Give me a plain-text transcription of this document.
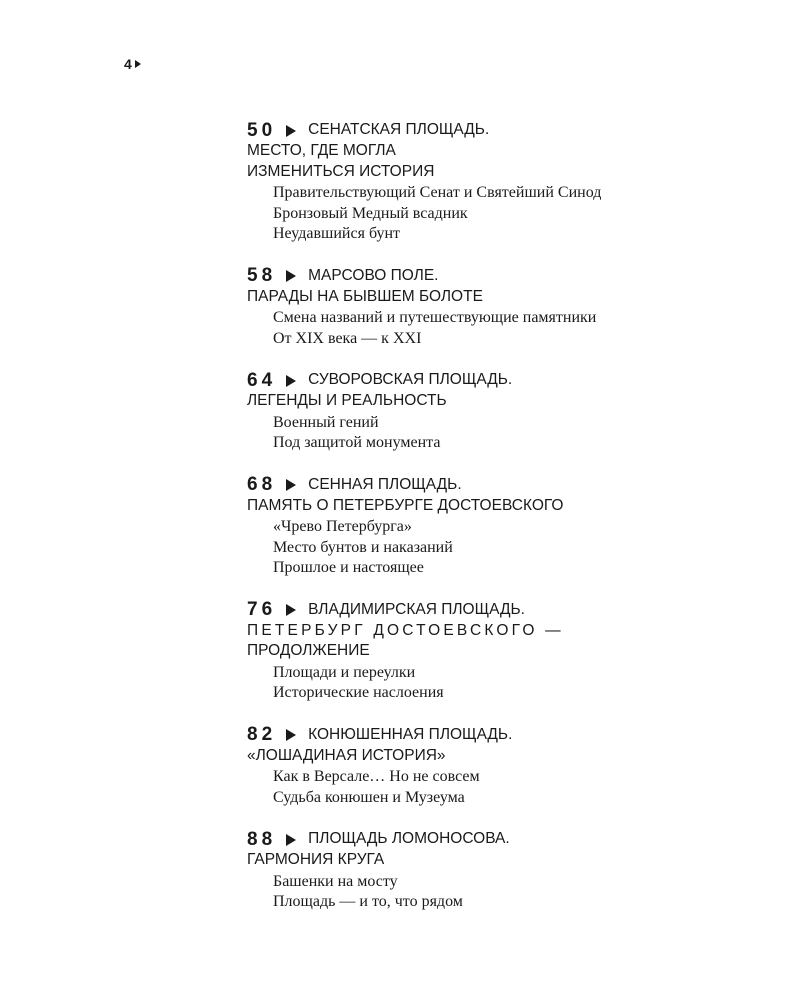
4
50 СЕНАТСКАЯ ПЛОЩАДЬ.
МЕСТО, ГДЕ МОГЛА
ИЗМЕНИТЬСЯ ИСТОРИЯ
Правительствующий Сенат и Святейший Синод
Бронзовый Медный всадник
Неудавшийся бунт
58 МАРСОВО ПОЛЕ.
ПАРАДЫ НА БЫВШЕМ БОЛОТЕ
Смена названий и путешествующие памятники
От XIX века — к XXI
64 СУВОРОВСКАЯ ПЛОЩАДЬ.
ЛЕГЕНДЫ И РЕАЛЬНОСТЬ
Военный гений
Под защитой монумента
68 СЕННАЯ ПЛОЩАДЬ.
ПАМЯТЬ О ПЕТЕРБУРГЕ ДОСТОЕВСКОГО
«Чрево Петербурга»
Место бунтов и наказаний
Прошлое и настоящее
76 ВЛАДИМИРСКАЯ ПЛОЩАДЬ.
ПЕТЕРБУРГ ДОСТОЕВСКОГО —
ПРОДОЛЖЕНИЕ
Площади и переулки
Исторические наслоения
82 КОНЮШЕННАЯ ПЛОЩАДЬ.
«ЛОШАДИНАЯ ИСТОРИЯ»
Как в Версале… Но не совсем
Судьба конюшен и Музеума
88 ПЛОЩАДЬ ЛОМОНОСОВА.
ГАРМОНИЯ КРУГА
Башенки на мосту
Площадь — и то, что рядом
